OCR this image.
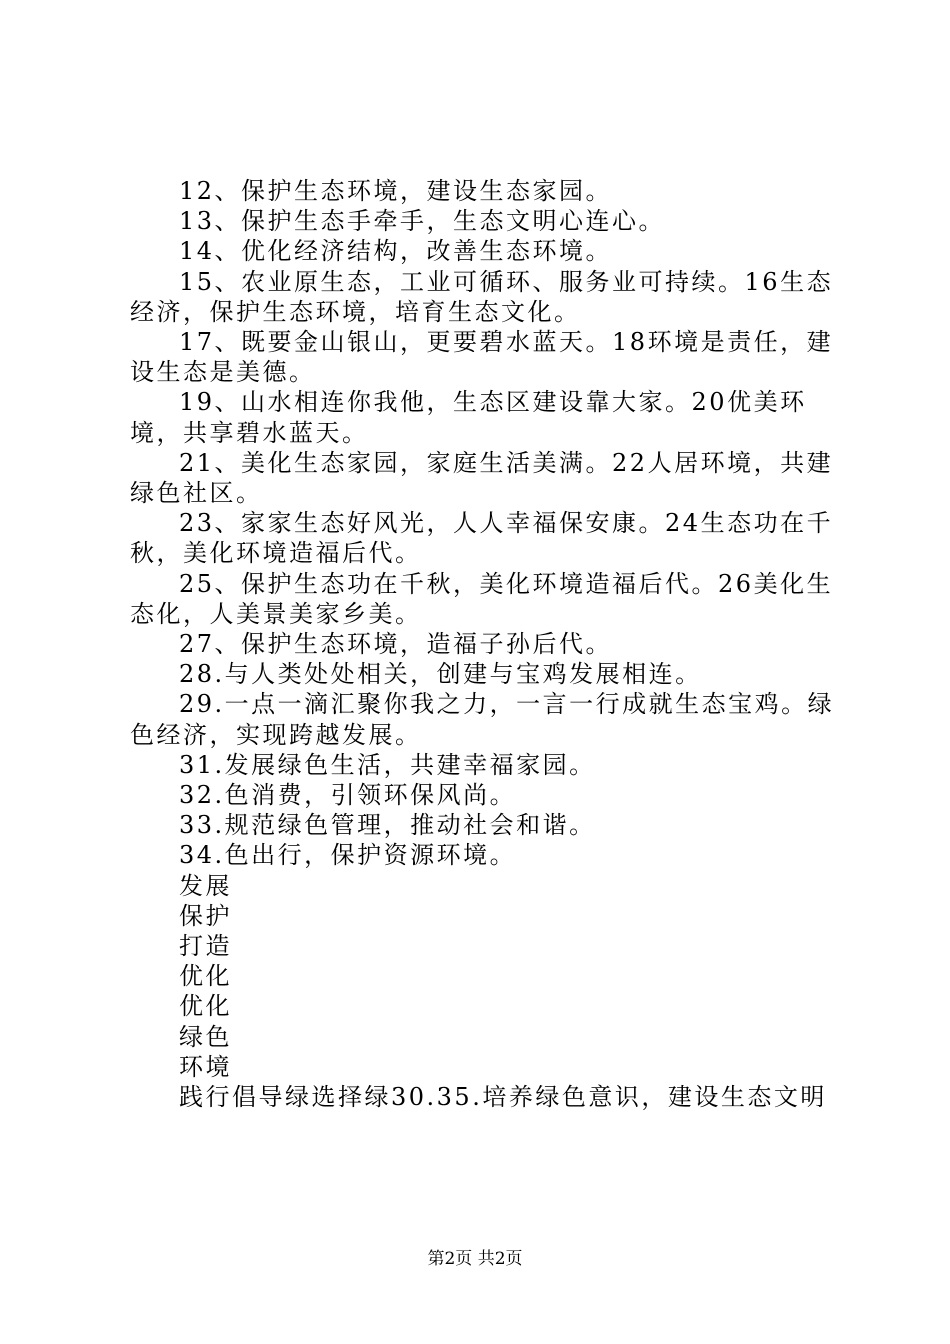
12、保护生态环境，建设生态家园。

13、保护生态手牵手，生态文明心连心。

14、优化经济结构，改善生态环境。

15、农业原生态，工业可循环、服务业可持续。16生态经济，保护生态环境，培育生态文化。

17、既要金山银山，更要碧水蓝天。18环境是责任，建设生态是美德。

19、山水相连你我他，生态区建设靠大家。20优美环境，共享碧水蓝天。

21、美化生态家园，家庭生活美满。22人居环境，共建绿色社区。

23、家家生态好风光，人人幸福保安康。24生态功在千秋，美化环境造福后代。

25、保护生态功在千秋，美化环境造福后代。26美化生态化，人美景美家乡美。

27、保护生态环境，造福子孙后代。

28.与人类处处相关，创建与宝鸡发展相连。

29.一点一滴汇聚你我之力，一言一行成就生态宝鸡。绿色经济，实现跨越发展。

31.发展绿色生活，共建幸福家园。

32.色消费，引领环保风尚。

33.规范绿色管理，推动社会和谐。

34.色出行，保护资源环境。

发展

保护

打造

优化

优化

绿色

环境

践行倡导绿选择绿30.35.培养绿色意识，建设生态文明

第2页 共2页
